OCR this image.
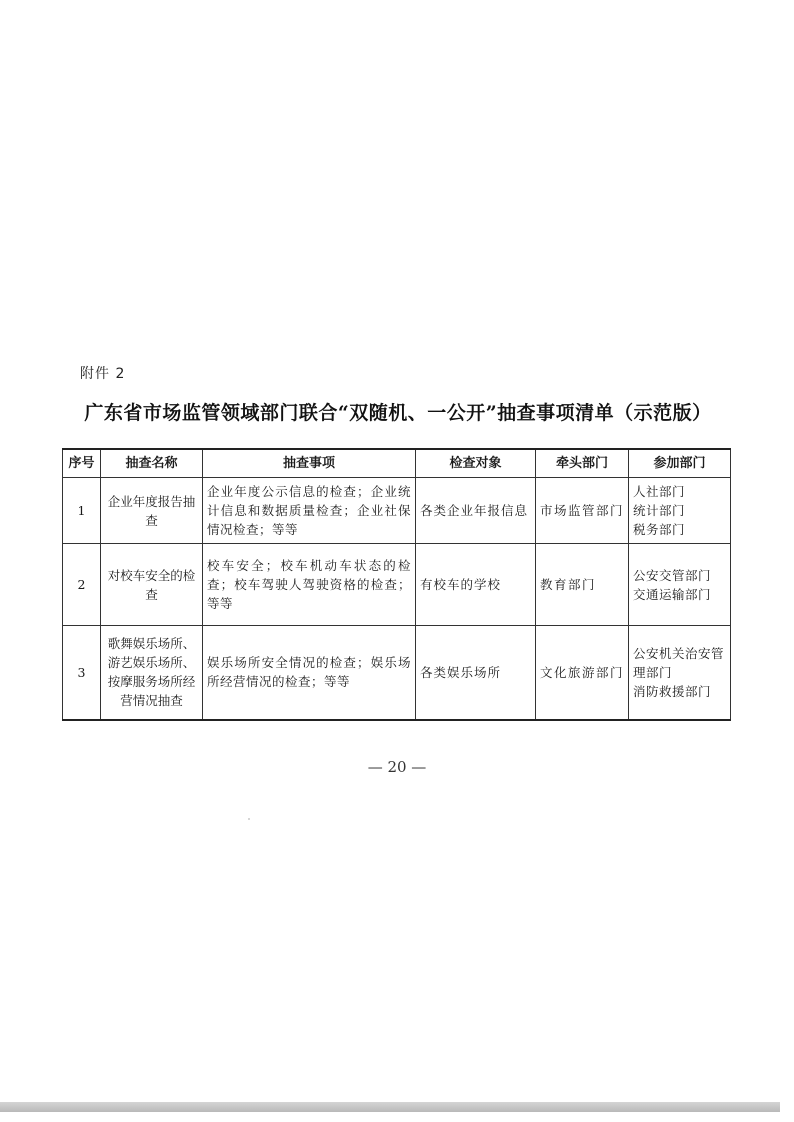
附件 2
广东省市场监管领域部门联合“双随机、一公开”抽查事项清单（示范版）
序号	抽查名称	抽查事项	检查对象	牵头部门	参加部门
1	企业年度报告抽查	企业年度公示信息的检查；企业统计信息和数据质量检查；企业社保情况检查；等等	各类企业年报信息	市场监管部门	人社部门
统计部门
税务部门

2	对校车安全的检查	校车安全；校车机动车状态的检查；校车驾驶人驾驶资格的检查；等等	有校车的学校	教育部门	公安交管部门
交通运输部门

3	歌舞娱乐场所、游艺娱乐场所、按摩服务场所经营情况抽查	娱乐场所安全情况的检查；娱乐场所经营情况的检查；等等	各类娱乐场所	文化旅游部门	公安机关治安管理部门
消防救援部门
— 20 —
